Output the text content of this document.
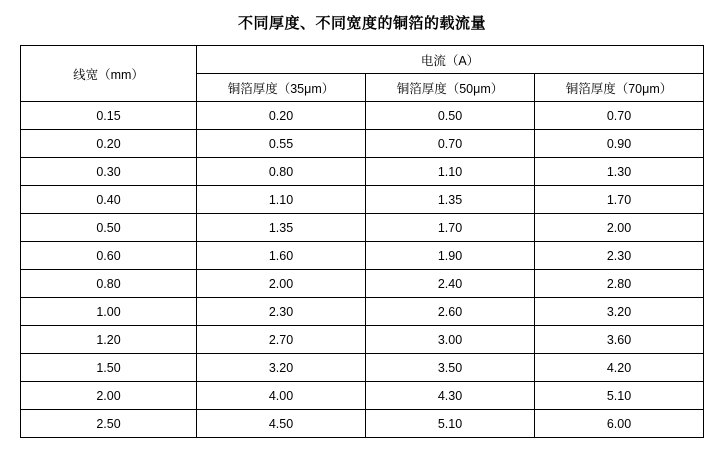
不同厚度、不同宽度的铜箔的载流量
线宽（mm）	电流（A）		
	铜箔厚度（35μm）	铜箔厚度（50μm）	铜箔厚度（70μm）
0.15	0.20	0.50	0.70
0.20	0.55	0.70	0.90
0.30	0.80	1.10	1.30
0.40	1.10	1.35	1.70
0.50	1.35	1.70	2.00
0.60	1.60	1.90	2.30
0.80	2.00	2.40	2.80
1.00	2.30	2.60	3.20
1.20	2.70	3.00	3.60
1.50	3.20	3.50	4.20
2.00	4.00	4.30	5.10
2.50	4.50	5.10	6.00
